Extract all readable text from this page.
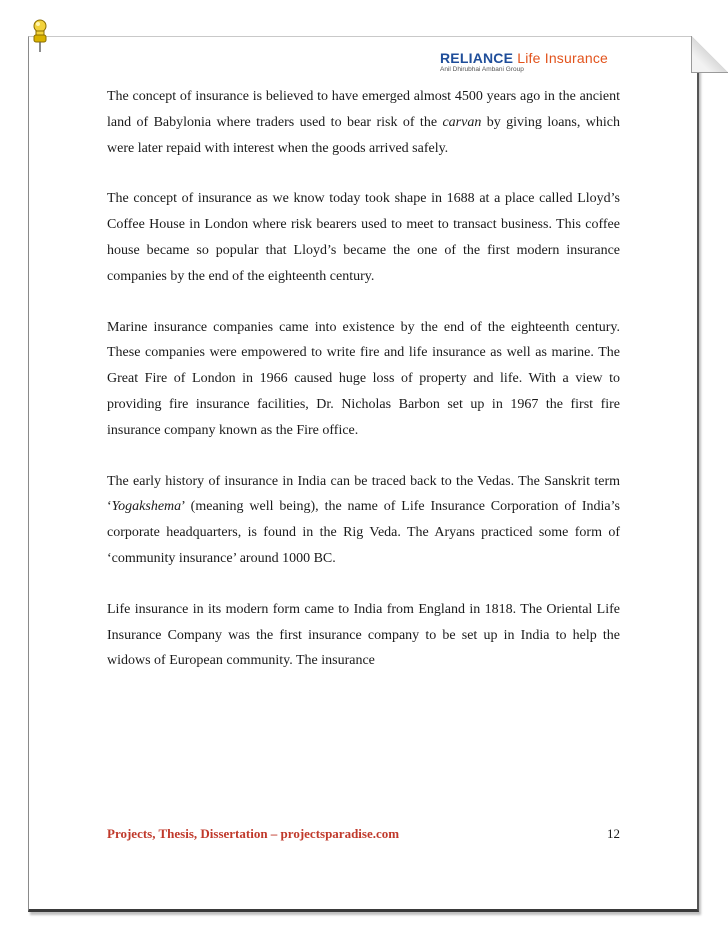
RELIANCE Life Insurance
Anil Dhirubhai Ambani Group

The concept of insurance is believed to have emerged almost 4500 years ago in the ancient land of Babylonia where traders used to bear risk of the carvan by giving loans, which were later repaid with interest when the goods arrived safely.

The concept of insurance as we know today took shape in 1688 at a place called Lloyd’s Coffee House in London where risk bearers used to meet to transact business. This coffee house became so popular that Lloyd’s became the one of the first modern insurance companies by the end of the eighteenth century.

Marine insurance companies came into existence by the end of the eighteenth century. These companies were empowered to write fire and life insurance as well as marine. The Great Fire of London in 1966 caused huge loss of property and life. With a view to providing fire insurance facilities, Dr. Nicholas Barbon set up in 1967 the first fire insurance company known as the Fire office.

The early history of insurance in India can be traced back to the Vedas. The Sanskrit term ‘Yogakshema’ (meaning well being), the name of Life Insurance Corporation of India’s corporate headquarters, is found in the Rig Veda. The Aryans practiced some form of ‘community insurance’ around 1000 BC.

Life insurance in its modern form came to India from England in 1818. The Oriental Life Insurance Company was the first insurance company to be set up in India to help the widows of European community. The insurance

Projects, Thesis, Dissertation – projectsparadise.com	12
